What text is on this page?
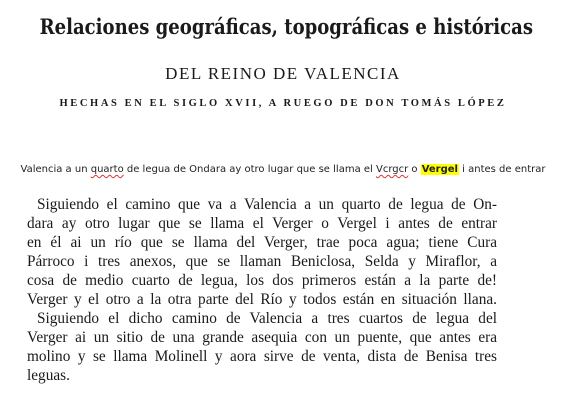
Relaciones geográficas, topográficas e históricas
DEL REINO DE VALENCIA
HECHAS EN EL SIGLO XVII, A RUEGO DE DON TOMÁS LÓPEZ
Valencia a un quarto de legua de Ondara ay otro lugar que se llama el Vcrgcr o Vergel i antes de entrar

Siguiendo el camino que va a Valencia a un quarto de legua de On-
dara ay otro lugar que se llama el Verger o Vergel i antes de entrar
en él ai un río que se llama del Verger, trae poca agua; tiene Cura
Párroco i tres anexos, que se llaman Beniclosa, Selda y Miraflor, a
cosa de medio cuarto de legua, los dos primeros están a la parte de!
Verger y el otro a la otra parte del Río y todos están en situación llana.

Siguiendo el dicho camino de Valencia a tres cuartos de legua del
Verger ai un sitio de una grande asequia con un puente, que antes era
molino y se llama Molinell y aora sirve de venta, dista de Benisa tres
leguas.
